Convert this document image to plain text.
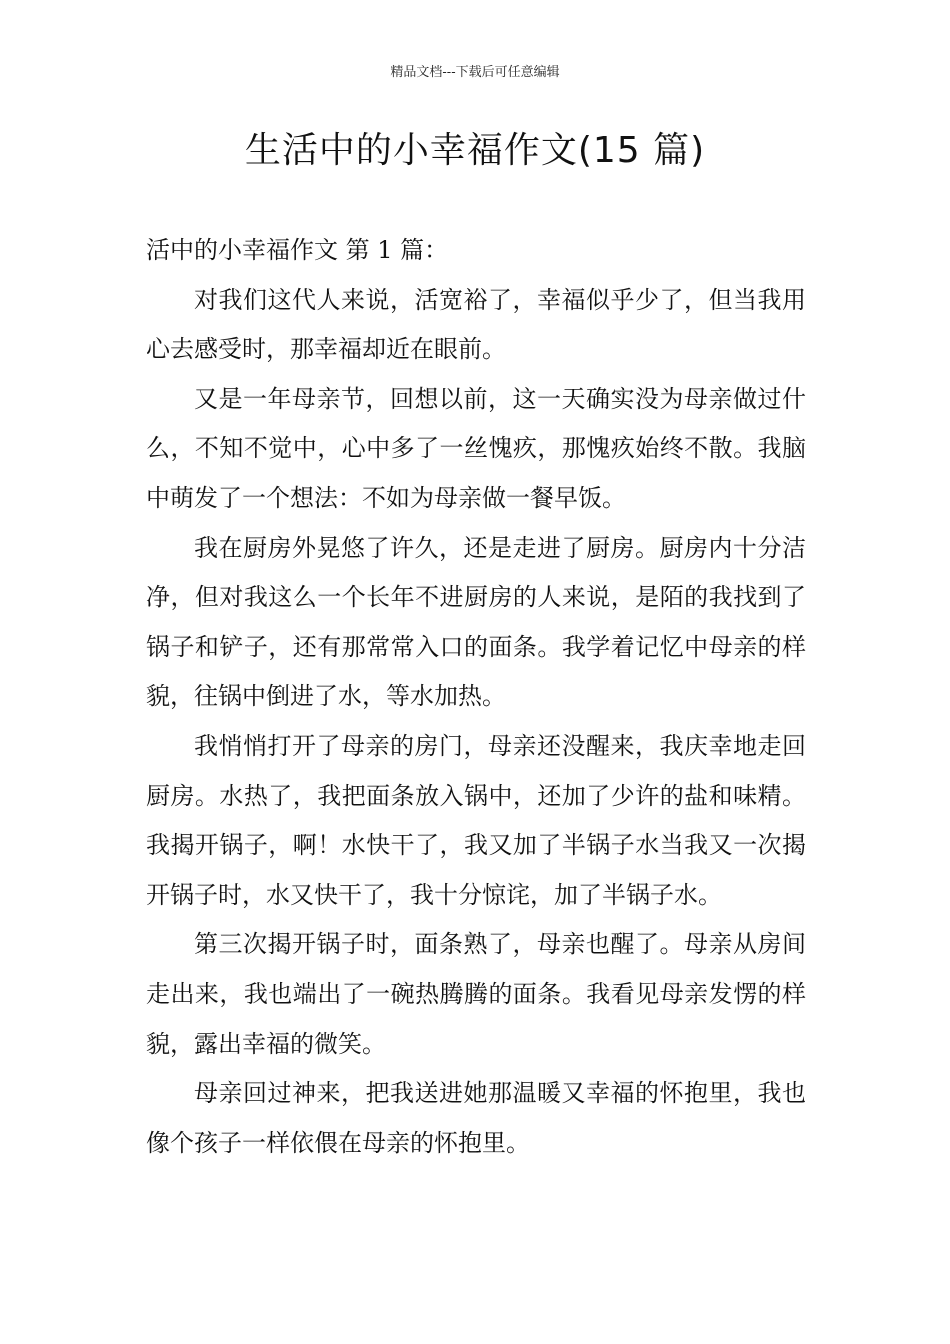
精品文档---下载后可任意编辑
生活中的小幸福作文(15 篇)

活中的小幸福作文 第 1 篇：

对我们这代人来说，活宽裕了，幸福似乎少了，但当我用心去感受时，那幸福却近在眼前。

又是一年母亲节，回想以前，这一天确实没为母亲做过什么，不知不觉中，心中多了一丝愧疚，那愧疚始终不散。我脑中萌发了一个想法：不如为母亲做一餐早饭。

我在厨房外晃悠了许久，还是走进了厨房。厨房内十分洁净，但对我这么一个长年不进厨房的人来说，是陌的我找到了锅子和铲子，还有那常常入口的面条。我学着记忆中母亲的样貌，往锅中倒进了水，等水加热。

我悄悄打开了母亲的房门，母亲还没醒来，我庆幸地走回厨房。水热了，我把面条放入锅中，还加了少许的盐和味精。我揭开锅子，啊！水快干了，我又加了半锅子水当我又一次揭开锅子时，水又快干了，我十分惊诧，加了半锅子水。

第三次揭开锅子时，面条熟了，母亲也醒了。母亲从房间走出来，我也端出了一碗热腾腾的面条。我看见母亲发愣的样貌，露出幸福的微笑。

母亲回过神来，把我送进她那温暖又幸福的怀抱里，我也像个孩子一样依偎在母亲的怀抱里。
